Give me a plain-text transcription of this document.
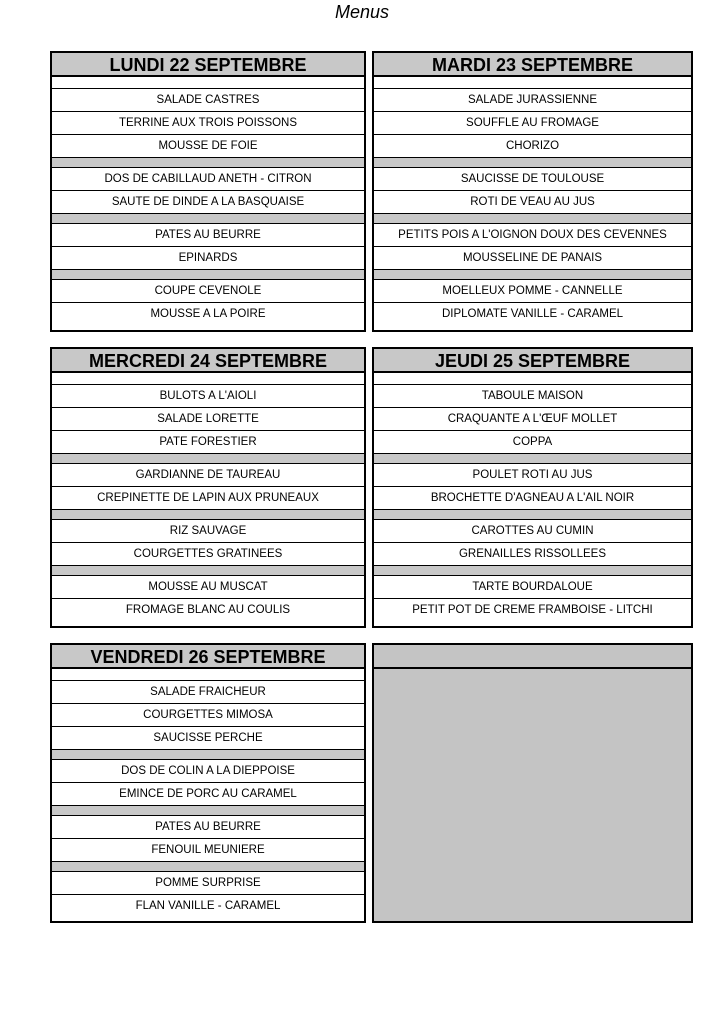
Menus
LUNDI 22 SEPTEMBRE
SALADE CASTRES
TERRINE AUX TROIS POISSONS
MOUSSE DE FOIE
DOS DE CABILLAUD ANETH - CITRON
SAUTE DE DINDE A LA BASQUAISE
PATES AU BEURRE
EPINARDS
COUPE CEVENOLE
MOUSSE A LA POIRE
MARDI 23 SEPTEMBRE
SALADE JURASSIENNE
SOUFFLE AU FROMAGE
CHORIZO
SAUCISSE DE TOULOUSE
ROTI DE VEAU AU JUS
PETITS POIS A L'OIGNON DOUX DES CEVENNES
MOUSSELINE DE PANAIS
MOELLEUX POMME - CANNELLE
DIPLOMATE VANILLE - CARAMEL
MERCREDI 24 SEPTEMBRE
BULOTS A L'AIOLI
SALADE LORETTE
PATE FORESTIER
GARDIANNE DE TAUREAU
CREPINETTE DE LAPIN AUX PRUNEAUX
RIZ SAUVAGE
COURGETTES GRATINEES
MOUSSE AU MUSCAT
FROMAGE BLANC AU COULIS
JEUDI 25 SEPTEMBRE
TABOULE MAISON
CRAQUANTE A L'ŒUF MOLLET
COPPA
POULET ROTI AU JUS
BROCHETTE D'AGNEAU A L'AIL NOIR
CAROTTES AU CUMIN
GRENAILLES RISSOLLEES
TARTE BOURDALOUE
PETIT POT DE CREME FRAMBOISE - LITCHI
VENDREDI 26 SEPTEMBRE
SALADE FRAICHEUR
COURGETTES MIMOSA
SAUCISSE PERCHE
DOS DE COLIN A LA DIEPPOISE
EMINCE DE PORC AU CARAMEL
PATES AU BEURRE
FENOUIL MEUNIERE
POMME SURPRISE
FLAN VANILLE - CARAMEL
